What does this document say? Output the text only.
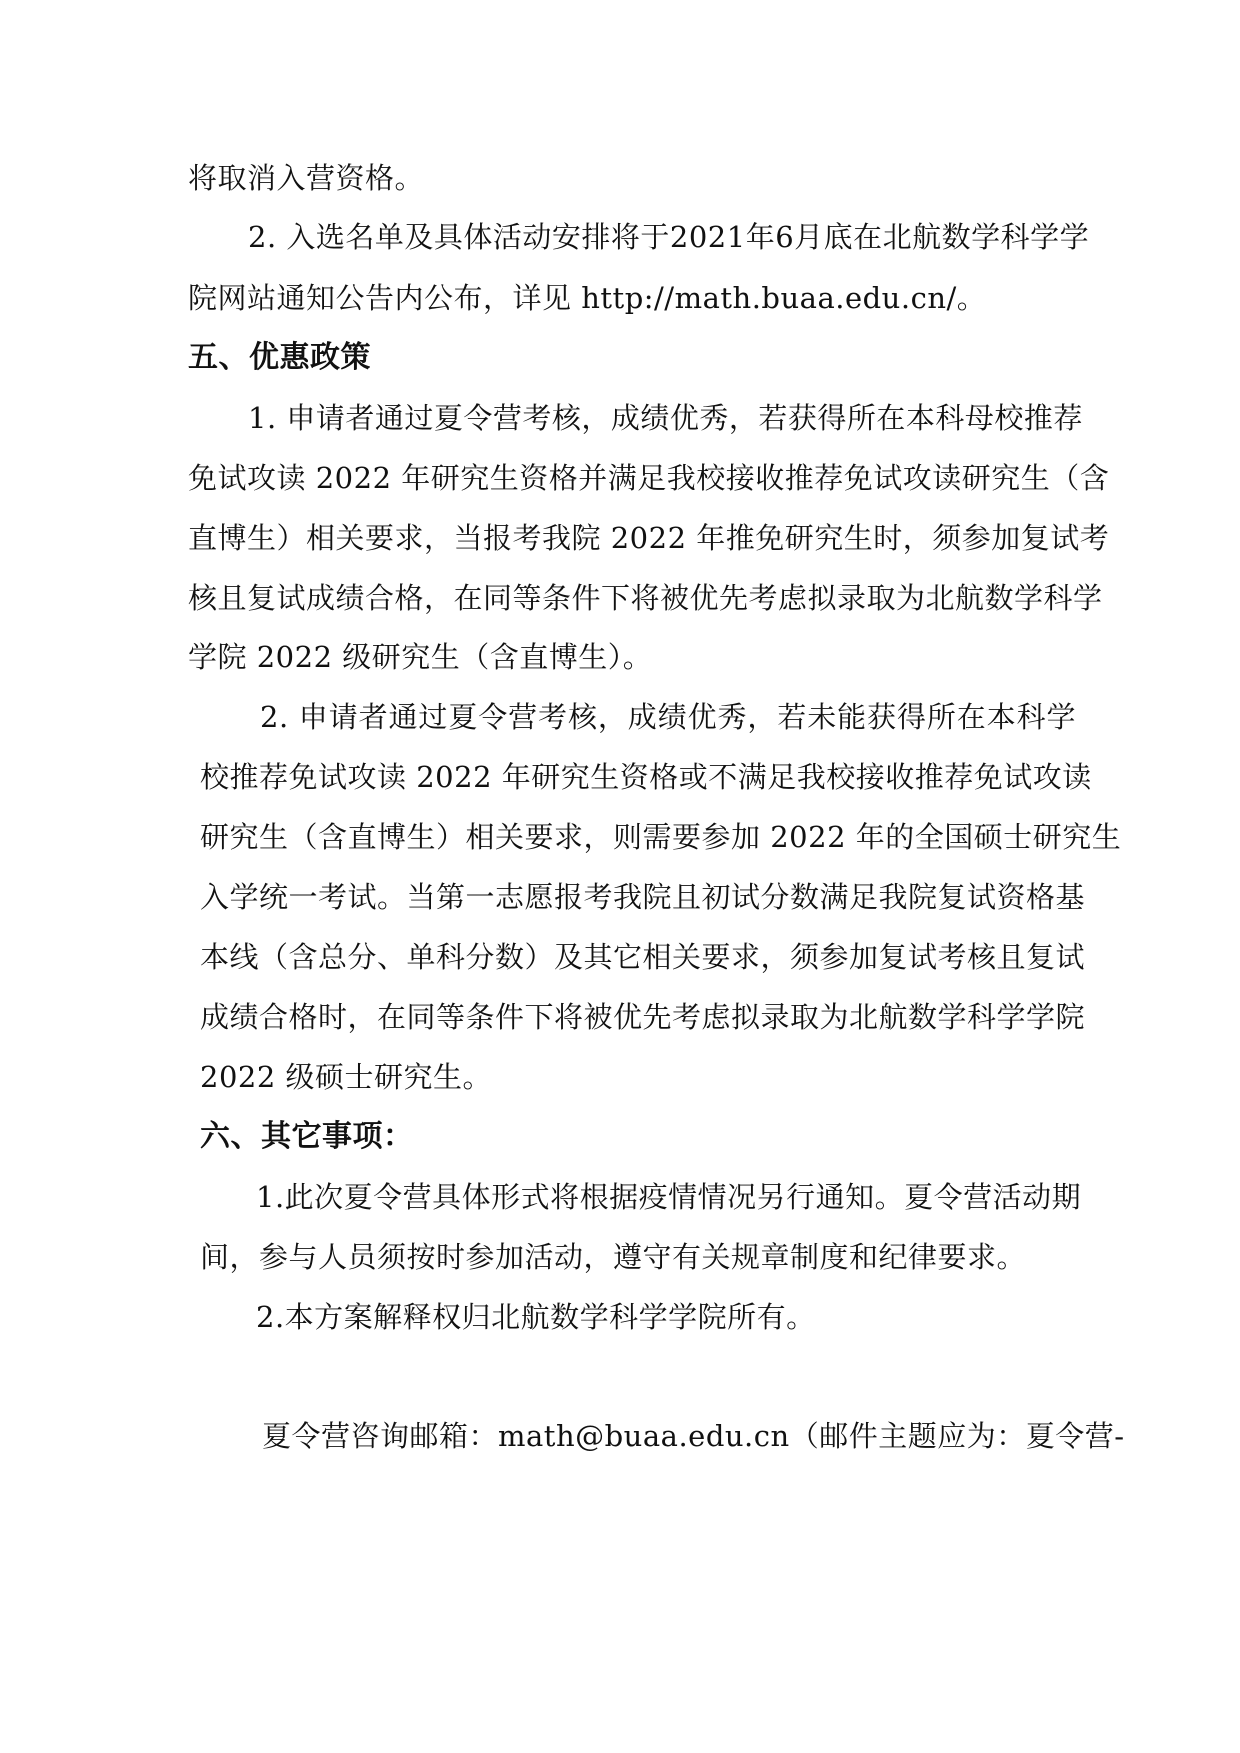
将取消入营资格。
2. 入选名单及具体活动安排将于2021年6月底在北航数学科学学
院网站通知公告内公布，详见 http://math.buaa.edu.cn/。
五、优惠政策
1. 申请者通过夏令营考核，成绩优秀，若获得所在本科母校推荐
免试攻读 2022 年研究生资格并满足我校接收推荐免试攻读研究生（含
直博生）相关要求，当报考我院 2022 年推免研究生时，须参加复试考
核且复试成绩合格，在同等条件下将被优先考虑拟录取为北航数学科学
学院 2022 级研究生（含直博生）。
2. 申请者通过夏令营考核，成绩优秀，若未能获得所在本科学
校推荐免试攻读 2022 年研究生资格或不满足我校接收推荐免试攻读
研究生（含直博生）相关要求，则需要参加 2022 年的全国硕士研究生
入学统一考试。当第一志愿报考我院且初试分数满足我院复试资格基
本线（含总分、单科分数）及其它相关要求，须参加复试考核且复试
成绩合格时，在同等条件下将被优先考虑拟录取为北航数学科学学院
2022 级硕士研究生。
六、其它事项：
1.此次夏令营具体形式将根据疫情情况另行通知。夏令营活动期
间，参与人员须按时参加活动，遵守有关规章制度和纪律要求。
2.本方案解释权归北航数学科学学院所有。
夏令营咨询邮箱：math@buaa.edu.cn（邮件主题应为：夏令营-
